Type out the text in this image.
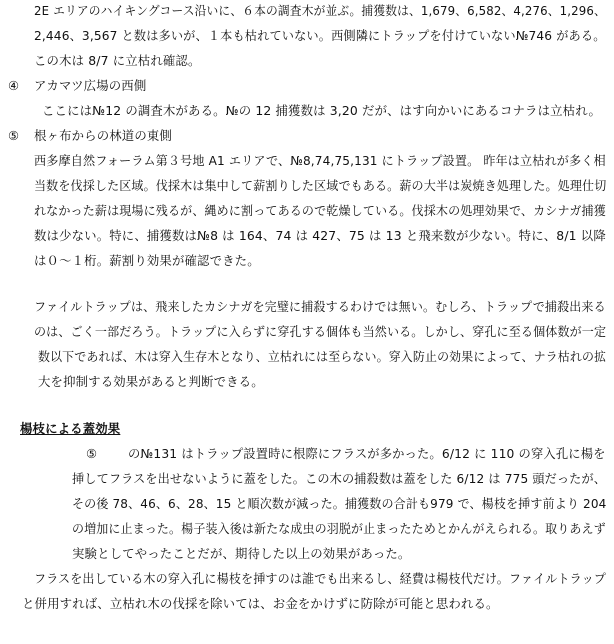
2E エリアのハイキングコース沿いに、６本の調査木が並ぶ。捕獲数は、1,679、6,582、4,276、1,296、
2,446、3,567 と数は多いが、１本も枯れていない。西側隣にトラップを付けていない№746 がある。
この木は 8/7 に立枯れ確認。
④ アカマツ広場の西側
ここには№12 の調査木がある。№の 12 捕獲数は 3,20 だが、はす向かいにあるコナラは立枯れ。
⑤ 根ヶ布からの林道の東側
西多摩自然フォーラム第３号地 A1 エリアで、№8,74,75,131 にトラップ設置。 昨年は立枯れが多く相
当数を伐採した区域。伐採木は集中して薪割りした区域でもある。薪の大半は炭焼き処理した。処理仕切
れなかった薪は現場に残るが、縄めに割ってあるので乾燥している。伐採木の処理効果で、カシナガ捕獲
数は少ない。特に、捕獲数は№8 は 164、74 は 427、75 は 13 と飛来数が少ない。特に、8/1 以降
は０～１桁。薪割り効果が確認できた。
ファイルトラップは、飛来したカシナガを完璧に捕殺するわけでは無い。むしろ、トラップで捕殺出来る
のは、ごく一部だろう。トラップに入らずに穿孔する個体も当然いる。しかし、穿孔に至る個体数が一定
数以下であれば、木は穿入生存木となり、立枯れには至らない。穿入防止の効果によって、ナラ枯れの拡
大を抑制する効果があると判断できる。
楊枝による蓋効果
⑤ の№131 はトラップ設置時に根際にフラスが多かった。6/12 に 110 の穿入孔に楊を
挿してフラスを出せないように蓋をした。この木の捕殺数は蓋をした 6/12 は 775 頭だったが、
その後 78、46、6、28、15 と順次数が減った。捕獲数の合計も979 で、楊枝を挿す前より 204
の増加に止まった。楊子装入後は新たな成虫の羽脱が止まったためとかんがえられる。取りあえず
実験としてやったことだが、期待した以上の効果があった。
フラスを出している木の穿入孔に楊枝を挿すのは誰でも出来るし、経費は楊枝代だけ。ファイルトラップ
と併用すれば、立枯れ木の伐採を除いては、お金をかけずに防除が可能と思われる。
